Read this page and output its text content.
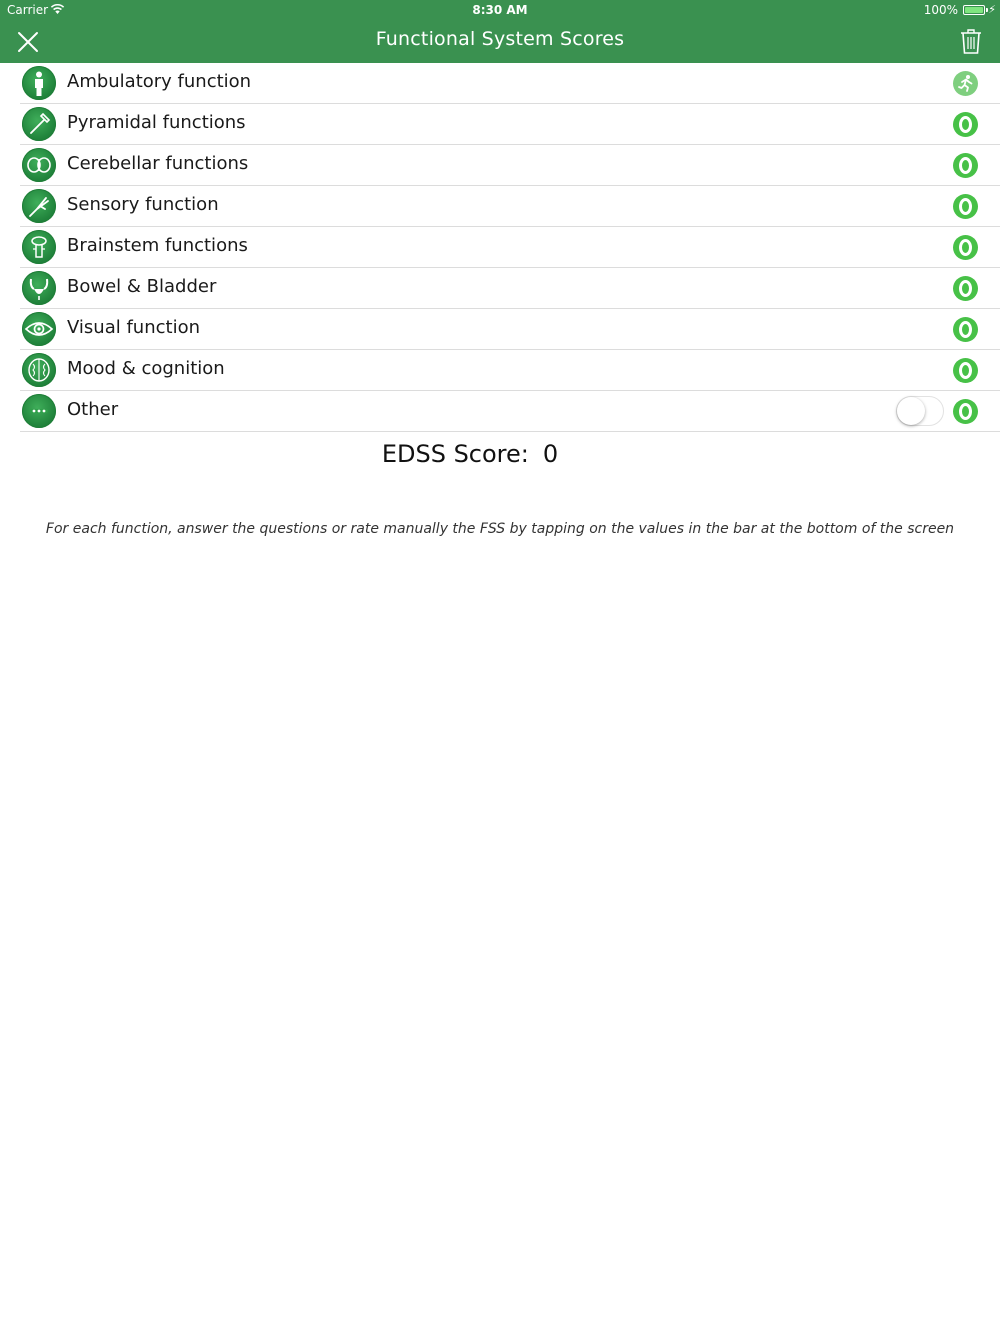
Carrier	8:30 AM	100%	⚡
Functional System Scores
Ambulatory function
Pyramidal functions
Cerebellar functions
Sensory function
Brainstem functions
Bowel & Bladder
Visual function
Mood & cognition
Other
EDSS Score: 0
For each function, answer the questions or rate manually the FSS by tapping on the values in the bar at the bottom of the screen
